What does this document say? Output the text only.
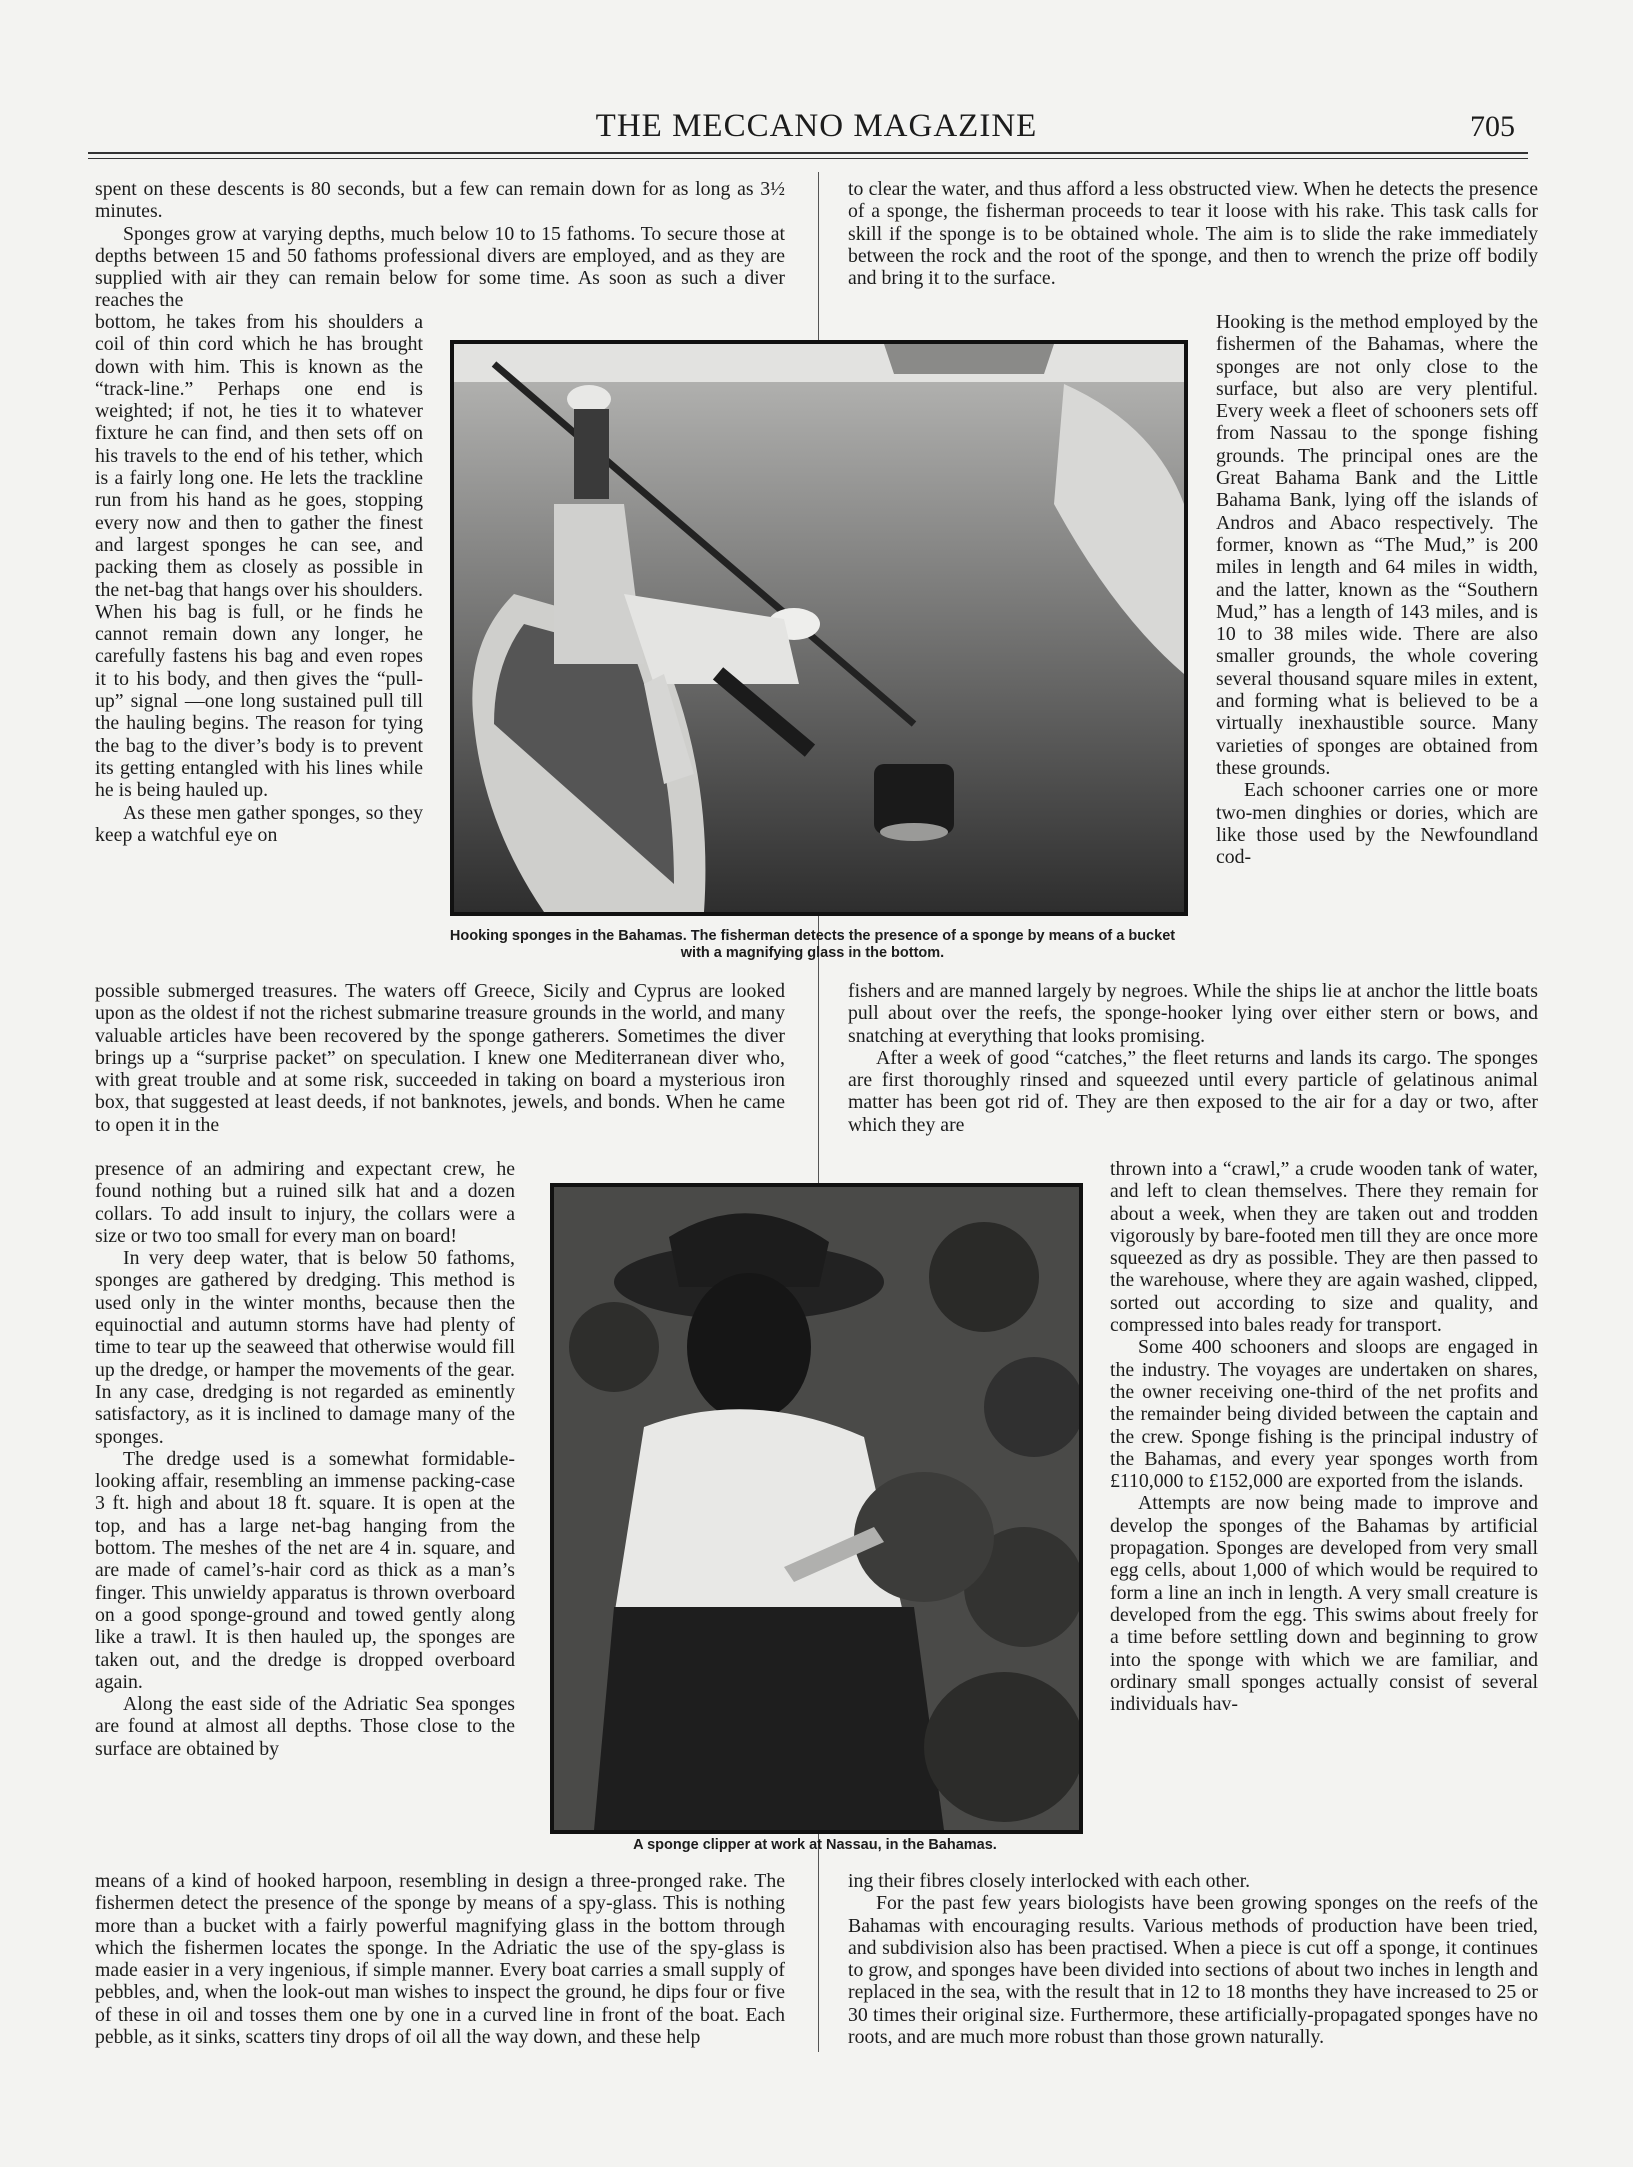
THE MECCANO MAGAZINE	705

spent on these descents is 80 seconds, but a few can remain down for as long as 3½ minutes.

Sponges grow at varying depths, much below 10 to 15 fathoms. To secure those at depths between 15 and 50 fathoms professional divers are employed, and as they are supplied with air they can remain below for some time. As soon as such a diver reaches the

bottom, he takes from his shoulders a coil of thin cord which he has brought down with him. This is known as the “track-line.” Perhaps one end is weighted; if not, he ties it to whatever fixture he can find, and then sets off on his travels to the end of his tether, which is a fairly long one. He lets the trackline run from his hand as he goes, stopping every now and then to gather the finest and largest sponges he can see, and packing them as closely as possible in the net-bag that hangs over his shoulders. When his bag is full, or he finds he cannot remain down any longer, he carefully fastens his bag and even ropes it to his body, and then gives the “pull-up” signal —one long sustained pull till the hauling begins. The reason for tying the bag to the diver’s body is to prevent its getting entangled with his lines while he is being hauled up.

As these men gather sponges, so they keep a watchful eye on

possible submerged treasures. The waters off Greece, Sicily and Cyprus are looked upon as the oldest if not the richest submarine treasure grounds in the world, and many valuable articles have been recovered by the sponge gatherers. Sometimes the diver brings up a “surprise packet” on speculation. I knew one Mediterranean diver who, with great trouble and at some risk, succeeded in taking on board a mysterious iron box, that suggested at least deeds, if not banknotes, jewels, and bonds. When he came to open it in the

presence of an admiring and expectant crew, he found nothing but a ruined silk hat and a dozen collars. To add insult to injury, the collars were a size or two too small for every man on board!

In very deep water, that is below 50 fathoms, sponges are gathered by dredging. This method is used only in the winter months, because then the equinoctial and autumn storms have had plenty of time to tear up the seaweed that otherwise would fill up the dredge, or hamper the movements of the gear. In any case, dredging is not regarded as eminently satisfactory, as it is inclined to damage many of the sponges.

The dredge used is a somewhat formidable-looking affair, resembling an immense packing-case 3 ft. high and about 18 ft. square. It is open at the top, and has a large net-bag hanging from the bottom. The meshes of the net are 4 in. square, and are made of camel’s-hair cord as thick as a man’s finger. This unwieldy apparatus is thrown overboard on a good sponge-ground and towed gently along like a trawl. It is then hauled up, the sponges are taken out, and the dredge is dropped overboard again.

Along the east side of the Adriatic Sea sponges are found at almost all depths. Those close to the surface are obtained by

means of a kind of hooked harpoon, resembling in design a three-pronged rake. The fishermen detect the presence of the sponge by means of a spy-glass. This is nothing more than a bucket with a fairly powerful magnifying glass in the bottom through which the fishermen locates the sponge. In the Adriatic the use of the spy-glass is made easier in a very ingenious, if simple manner. Every boat carries a small supply of pebbles, and, when the look-out man wishes to inspect the ground, he dips four or five of these in oil and tosses them one by one in a curved line in front of the boat. Each pebble, as it sinks, scatters tiny drops of oil all the way down, and these help

to clear the water, and thus afford a less obstructed view. When he detects the presence of a sponge, the fisherman proceeds to tear it loose with his rake. This task calls for skill if the sponge is to be obtained whole. The aim is to slide the rake immediately between the rock and the root of the sponge, and then to wrench the prize off bodily and bring it to the surface.

Hooking is the method employed by the fishermen of the Bahamas, where the sponges are not only close to the surface, but also are very plentiful. Every week a fleet of schooners sets off from Nassau to the sponge fishing grounds. The principal ones are the Great Bahama Bank and the Little Bahama Bank, lying off the islands of Andros and Abaco respectively. The former, known as “The Mud,” is 200 miles in length and 64 miles in width, and the latter, known as the “Southern Mud,” has a length of 143 miles, and is 10 to 38 miles wide. There are also smaller grounds, the whole covering several thousand square miles in extent, and forming what is believed to be a virtually inexhaustible source. Many varieties of sponges are obtained from these grounds.

Each schooner carries one or more two-men dinghies or dories, which are like those used by the Newfoundland cod-

fishers and are manned largely by negroes. While the ships lie at anchor the little boats pull about over the reefs, the sponge-hooker lying over either stern or bows, and snatching at everything that looks promising.

After a week of good “catches,” the fleet returns and lands its cargo. The sponges are first thoroughly rinsed and squeezed until every particle of gelatinous animal matter has been got rid of. They are then exposed to the air for a day or two, after which they are

thrown into a “crawl,” a crude wooden tank of water, and left to clean themselves. There they remain for about a week, when they are taken out and trodden vigorously by bare-footed men till they are once more squeezed as dry as possible. They are then passed to the warehouse, where they are again washed, clipped, sorted out according to size and quality, and compressed into bales ready for transport.

Some 400 schooners and sloops are engaged in the industry. The voyages are undertaken on shares, the owner receiving one-third of the net profits and the remainder being divided between the captain and the crew. Sponge fishing is the principal industry of the Bahamas, and every year sponges worth from £110,000 to £152,000 are exported from the islands.

Attempts are now being made to improve and develop the sponges of the Bahamas by artificial propagation. Sponges are developed from very small egg cells, about 1,000 of which would be required to form a line an inch in length. A very small creature is developed from the egg. This swims about freely for a time before settling down and beginning to grow into the sponge with which we are familiar, and ordinary small sponges actually consist of several individuals hav-

ing their fibres closely interlocked with each other.

For the past few years biologists have been growing sponges on the reefs of the Bahamas with encouraging results. Various methods of production have been tried, and subdivision also has been practised. When a piece is cut off a sponge, it continues to grow, and sponges have been divided into sections of about two inches in length and replaced in the sea, with the result that in 12 to 18 months they have increased to 25 or 30 times their original size. Furthermore, these artificially-propagated sponges have no roots, and are much more robust than those grown naturally.

Hooking sponges in the Bahamas. The fisherman detects the presence of a sponge by means of a bucket with a magnifying glass in the bottom.
A sponge clipper at work at Nassau, in the Bahamas.
